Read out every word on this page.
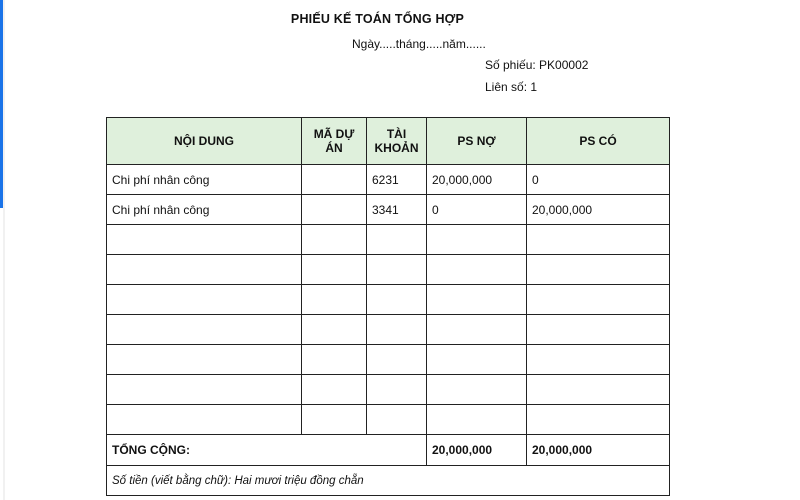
PHIẾU KẾ TOÁN TỔNG HỢP
Ngày.....tháng.....năm......
Số phiếu: PK00002
Liên số: 1
NỘI DUNG	MÃ DỰ ÁN	TÀI KHOẢN	PS NỢ	PS CÓ
Chi phí nhân công		6231	20,000,000	0
Chi phí nhân công		3341	0	20,000,000

TỔNG CỘNG:			20,000,000	20,000,000
Số tiền (viết bằng chữ): Hai mươi triệu đồng chẵn				
